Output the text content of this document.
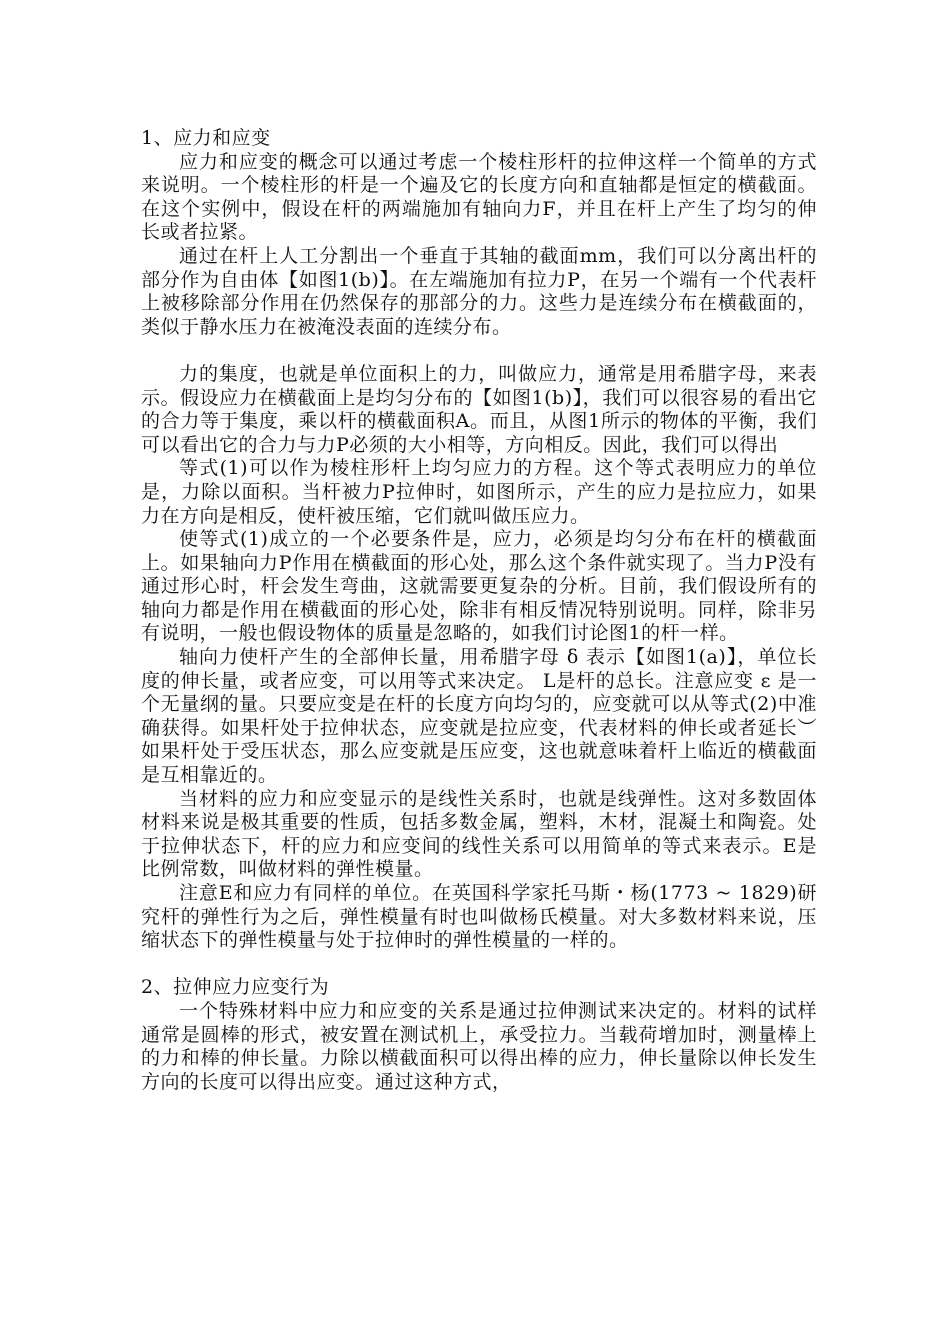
1、应力和应变

应力和应变的概念可以通过考虑一个棱柱形杆的拉伸这样一个简单的方式来说明。一个棱柱形的杆是一个遍及它的长度方向和直轴都是恒定的横截面。在这个实例中，假设在杆的两端施加有轴向力F，并且在杆上产生了均匀的伸长或者拉紧。

通过在杆上人工分割出一个垂直于其轴的截面mm，我们可以分离出杆的部分作为自由体【如图1(b)】。在左端施加有拉力P，在另一个端有一个代表杆上被移除部分作用在仍然保存的那部分的力。这些力是连续分布在横截面的，类似于静水压力在被淹没表面的连续分布。

力的集度，也就是单位面积上的力，叫做应力，通常是用希腊字母，来表示。假设应力在横截面上是均匀分布的【如图1(b)】，我们可以很容易的看出它的合力等于集度，乘以杆的横截面积A。而且，从图1所示的物体的平衡，我们可以看出它的合力与力P必须的大小相等，方向相反。因此，我们可以得出

等式(1)可以作为棱柱形杆上均匀应力的方程。这个等式表明应力的单位是，力除以面积。当杆被力P拉伸时，如图所示，产生的应力是拉应力，如果力在方向是相反，使杆被压缩，它们就叫做压应力。

使等式(1)成立的一个必要条件是，应力，必须是均匀分布在杆的横截面上。如果轴向力P作用在横截面的形心处，那么这个条件就实现了。当力P没有通过形心时，杆会发生弯曲，这就需要更复杂的分析。目前，我们假设所有的轴向力都是作用在横截面的形心处，除非有相反情况特别说明。同样，除非另有说明，一般也假设物体的质量是忽略的，如我们讨论图1的杆一样。

轴向力使杆产生的全部伸长量，用希腊字母 δ 表示【如图1(a)】，单位长度的伸长量，或者应变，可以用等式来决定。 L是杆的总长。注意应变 ε 是一个无量纲的量。只要应变是在杆的长度方向均匀的，应变就可以从等式(2)中准确获得。如果杆处于拉伸状态，应变就是拉应变，代表材料的伸长或者延长︶如果杆处于受压状态，那么应变就是压应变，这也就意味着杆上临近的横截面是互相靠近的。

当材料的应力和应变显示的是线性关系时，也就是线弹性。这对多数固体材料来说是极其重要的性质，包括多数金属，塑料，木材，混凝土和陶瓷。处于拉伸状态下，杆的应力和应变间的线性关系可以用简单的等式来表示。E是比例常数，叫做材料的弹性模量。

注意E和应力有同样的单位。在英国科学家托马斯・杨(1773 ~ 1829)研究杆的弹性行为之后，弹性模量有时也叫做杨氏模量。对大多数材料来说，压缩状态下的弹性模量与处于拉伸时的弹性模量的一样的。

2、拉伸应力应变行为

一个特殊材料中应力和应变的关系是通过拉伸测试来决定的。材料的试样通常是圆棒的形式，被安置在测试机上，承受拉力。当载荷增加时，测量棒上的力和棒的伸长量。力除以横截面积可以得出棒的应力，伸长量除以伸长发生方向的长度可以得出应变。通过这种方式，
